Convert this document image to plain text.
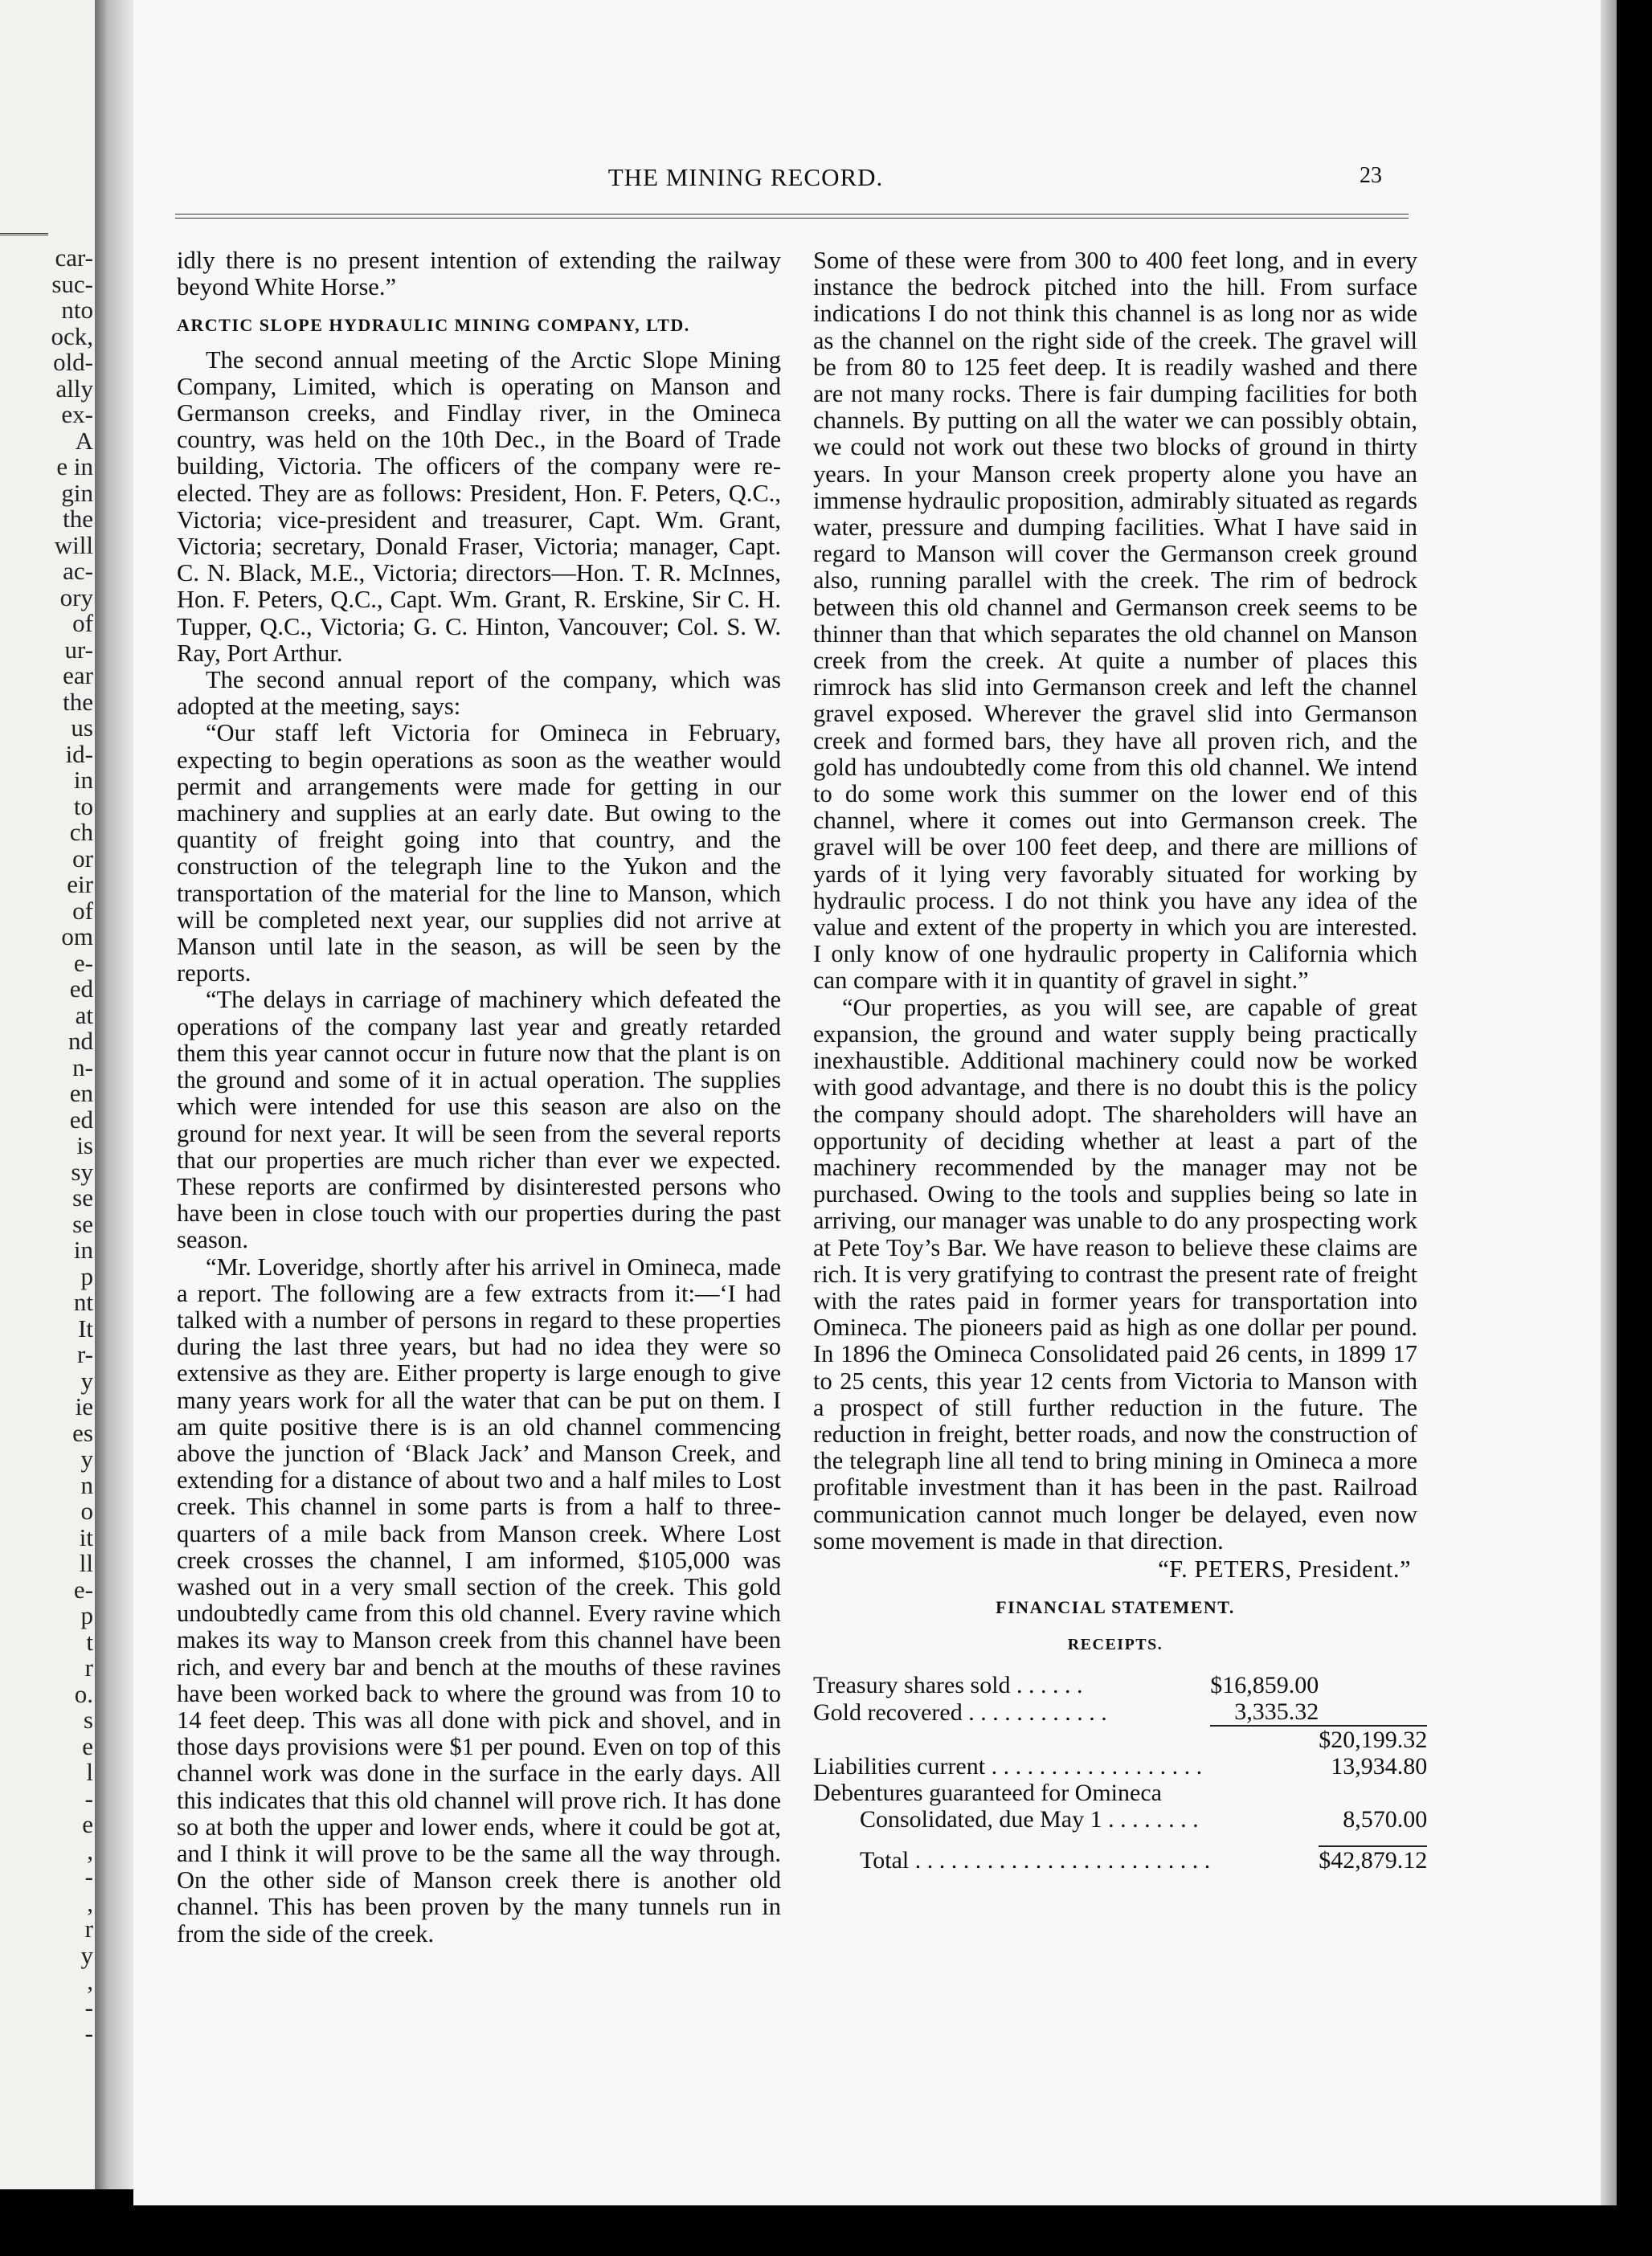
car-
suc-
nto
ock,
old-
ally
ex-
A
e in
gin
the
will
ac-
ory
of
ur-
ear
the
us
id-
in
to
ch
or
eir
of
om
e-
ed
at
nd
n-
en
ed
is
sy
se
se
in
p
nt
It
r-
y
ie
es
y
n
o
it
ll
e-
p
t
r
o.
s
e
l
-
e
,
-
,
r
y
,
-
-
THE MINING RECORD.	23

idly there is no present intention of extending the railway beyond White Horse.”

ARCTIC SLOPE HYDRAULIC MINING COMPANY, LTD.

The second annual meeting of the Arctic Slope Mining Company, Limited, which is operating on Manson and Germanson creeks, and Findlay river, in the Omineca country, was held on the 10th Dec., in the Board of Trade building, Victoria. The officers of the company were re-elected. They are as follows: President, Hon. F. Peters, Q.C., Victoria; vice-president and treasurer, Capt. Wm. Grant, Victoria; secretary, Donald Fraser, Victoria; manager, Capt. C. N. Black, M.E., Victoria; directors—Hon. T. R. McInnes, Hon. F. Peters, Q.C., Capt. Wm. Grant, R. Erskine, Sir C. H. Tupper, Q.C., Victoria; G. C. Hinton, Vancouver; Col. S. W. Ray, Port Arthur.

The second annual report of the company, which was adopted at the meeting, says:

“Our staff left Victoria for Omineca in February, expecting to begin operations as soon as the weather would permit and arrangements were made for getting in our machinery and supplies at an early date. But owing to the quantity of freight going into that country, and the construction of the telegraph line to the Yukon and the transportation of the material for the line to Manson, which will be completed next year, our supplies did not arrive at Manson until late in the season, as will be seen by the reports.

“The delays in carriage of machinery which defeated the operations of the company last year and greatly retarded them this year cannot occur in future now that the plant is on the ground and some of it in actual operation. The supplies which were intended for use this season are also on the ground for next year. It will be seen from the several reports that our properties are much richer than ever we expected. These reports are confirmed by disinterested persons who have been in close touch with our properties during the past season.

“Mr. Loveridge, shortly after his arrivel in Omineca, made a report. The following are a few extracts from it:—‘I had talked with a number of persons in regard to these properties during the last three years, but had no idea they were so extensive as they are. Either property is large enough to give many years work for all the water that can be put on them. I am quite positive there is is an old channel commencing above the junction of ‘Black Jack’ and Manson Creek, and extending for a distance of about two and a half miles to Lost creek. This channel in some parts is from a half to three-quarters of a mile back from Manson creek. Where Lost creek crosses the channel, I am informed, $105,000 was washed out in a very small section of the creek. This gold undoubtedly came from this old channel. Every ravine which makes its way to Manson creek from this channel have been rich, and every bar and bench at the mouths of these ravines have been worked back to where the ground was from 10 to 14 feet deep. This was all done with pick and shovel, and in those days provisions were $1 per pound. Even on top of this channel work was done in the surface in the early days. All this indicates that this old channel will prove rich. It has done so at both the upper and lower ends, where it could be got at, and I think it will prove to be the same all the way through. On the other side of Manson creek there is another old channel. This has been proven by the many tunnels run in from the side of the creek.

Some of these were from 300 to 400 feet long, and in every instance the bedrock pitched into the hill. From surface indications I do not think this channel is as long nor as wide as the channel on the right side of the creek. The gravel will be from 80 to 125 feet deep. It is readily washed and there are not many rocks. There is fair dumping facilities for both channels. By putting on all the water we can possibly obtain, we could not work out these two blocks of ground in thirty years. In your Manson creek property alone you have an immense hydraulic proposition, admirably situated as regards water, pressure and dumping facilities. What I have said in regard to Manson will cover the Germanson creek ground also, running parallel with the creek. The rim of bedrock between this old channel and Germanson creek seems to be thinner than that which separates the old channel on Manson creek from the creek. At quite a number of places this rimrock has slid into Germanson creek and left the channel gravel exposed. Wherever the gravel slid into Germanson creek and formed bars, they have all proven rich, and the gold has undoubtedly come from this old channel. We intend to do some work this summer on the lower end of this channel, where it comes out into Germanson creek. The gravel will be over 100 feet deep, and there are millions of yards of it lying very favorably situated for working by hydraulic process. I do not think you have any idea of the value and extent of the property in which you are interested. I only know of one hydraulic property in California which can compare with it in quantity of gravel in sight.”

“Our properties, as you will see, are capable of great expansion, the ground and water supply being practically inexhaustible. Additional machinery could now be worked with good advantage, and there is no doubt this is the policy the company should adopt. The shareholders will have an opportunity of deciding whether at least a part of the machinery recommended by the manager may not be purchased. Owing to the tools and supplies being so late in arriving, our manager was unable to do any prospecting work at Pete Toy’s Bar. We have reason to believe these claims are rich. It is very gratifying to contrast the present rate of freight with the rates paid in former years for transportation into Omineca. The pioneers paid as high as one dollar per pound. In 1896 the Omineca Consolidated paid 26 cents, in 1899 17 to 25 cents, this year 12 cents from Victoria to Manson with a prospect of still further reduction in the future. The reduction in freight, better roads, and now the construction of the telegraph line all tend to bring mining in Omineca a more profitable investment than it has been in the past. Railroad communication cannot much longer be delayed, even now some movement is made in that direction.

“F. PETERS, President.”
FINANCIAL STATEMENT.
RECEIPTS.
Treasury shares sold . . . . . .	$16,859.00	
Gold recovered . . . . . . . . . . . .	3,335.32	
		$20,199.32
Liabilities current . . . . . . . . . . . . . . . . . .		13,934.80
Debentures guaranteed for Omineca		
Consolidated, due May 1 . . . . . . . .		8,570.00

Total . . . . . . . . . . . . . . . . . . . . . . . . .		$42,879.12
